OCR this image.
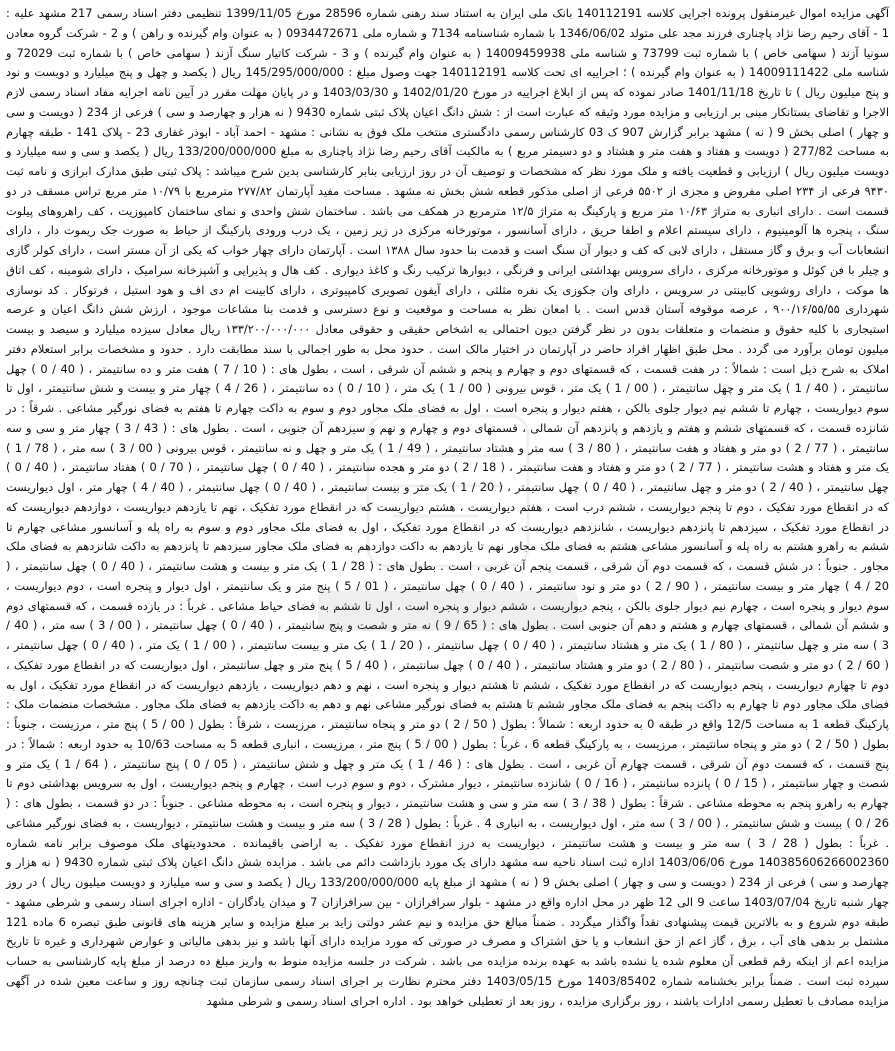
آگهی مزایده اموال غیرمنقول پرونده اجرایی کلاسه 140112191 بانک ملی ایران به استناد سند رهنی شماره 28596 مورخ 1399/11/05 تنظیمی دفتر اسناد رسمی 217 مشهد علیه : 1 - آقای رحیم رضا نژاد پاچناری فرزند مجد علی متولد 1346/06/02 با شماره شناسنامه 7134 و شماره ملی 0934472671 ( به عنوان وام گیرنده و راهن ) و 2 - شرکت گروه معادن سونیا آزند ( سهامی خاص ) با شماره ثبت 73799 و شناسه ملی 14009459938 ( به عنوان وام گیرنده ) و 3 - شرکت کاتیار سنگ آزند ( سهامی خاص ) با شماره ثبت 72029 و شناسه ملی 14009111422 ( به عنوان وام گیرنده ) ؛ اجراییه ای تحت کلاسه 140112191 جهت وصول مبلغ : 145/295/000/000 ریال ( یکصد و چهل و پنج میلیارد و دویست و نود و پنج میلیون ریال ) تا تاریخ 1401/11/18 صادر نموده که پس از ابلاغ اجراییه در مورخ 1402/01/20 و 1403/03/30 و در پایان مهلت مقرر در آیین نامه اجرایه مفاد اسناد رسمی لازم الاجرا و تقاضای بستانکار مبنی بر ارزیابی و مزایده مورد وثیقه که عبارت است از : شش دانگ اعیان پلاک ثبتی شماره 9430 ( نه هزار و چهارصد و سی ) فرعی از 234 ( دویست و سی و چهار ) اصلی بخش 9 ( نه ) مشهد برابر گزارش 907 ک 03 کارشناس رسمی دادگستری منتخب ملک فوق به نشانی : مشهد - احمد آباد - ابوذر غفاری 23 - پلاک 141 - طبقه چهارم به مساحت 277/82 ( دویست و هفتاد و هفت متر و هشتاد و دو دسیمتر مربع ) به مالکیت آقای رحیم رضا نژاد پاچناری به مبلغ 133/200/000/000 ریال ( یکصد و سی و سه میلیارد و دویست میلیون ریال ) ارزیابی و قطعیت یافته و ملک مورد نظر که مشخصات و توصیف آن در روز ارزیابی بنابر کارشناسی بدین شرح میباشد : پلاک ثبتی طبق مدارک ابرازی و نامه ثبت ۹۴۳۰ فرعی از ۲۳۴ اصلی مفروض و مجزی از ۵۵۰۲ فرعی از اصلی مذکور قطعه شش بخش نه مشهد . مساحت مفید آپارتمان ۲۷۷/۸۲ مترمربع با ۱۰/۷۹ متر مربع تراس مسقف در دو قسمت است . دارای انباری به متراژ ۱۰/۶۳ متر مربع و پارکینگ به متراژ ۱۲/۵ مترمربع در همکف می باشد . ساختمان شش واحدی و نمای ساختمان کامپوزیت ، کف راهروهای پیلوت سنگ ، پنجره ها آلومینیوم ، دارای سیستم اعلام و اطفا حریق ، دارای آسانسور ، موتورخانه مرکزی در زیر زمین ، یک درب ورودی پارکینگ از حیاط به صورت جک ریموت دار ، دارای انشعابات آب و برق و گاز مستقل ، دارای لابی که کف و دیوار آن سنگ است و قدمت بنا حدود سال ۱۳۸۸ است . آپارتمان دارای چهار خواب که یکی از آن مستر است ، دارای کولر گازی و چیلر با فن کوئل و موتورخانه مرکزی ، دارای سرویس بهداشتی ایرانی و فرنگی ، دیوارها ترکیب رنگ و کاغذ دیواری . کف هال و پذیرایی و آشپزخانه سرامیک ، دارای شومینه ، کف اتاق ها موکت ، دارای روشویی کابینتی در سرویس ، دارای وان جکوزی یک نفره مثلثی ، دارای آیفون تصویری کامپیوتری ، دارای کابینت ام دی اف و هود استیل ، فرتوکار . کد نوسازی شهرداری ۹۰۰/۱۶/۵۵/۵۵ ، عرصه موقوفه آستان قدس است . با امعان نظر به مساحت و موقعیت و نوع دسترسی و قدمت بنا مشاعات موجود ، ارزش شش دانگ اعیان و عرصه استیجاری با کلیه حقوق و منضمات و متعلقات بدون در نظر گرفتن دیون احتمالی به اشخاص حقیقی و حقوقی معادل ۱۳۳/۲۰۰/۰۰۰/۰۰۰ ریال معادل سیزده میلیارد و سیصد و بیست میلیون تومان برآورد می گردد . محل طبق اظهار افراد حاضر در آپارتمان در اختیار مالک است . حدود محل به طور اجمالی با سند مطابقت دارد . حدود و مشخصات برابر استعلام دفتر املاک به شرح ذیل است : شمالاً : در هفت قسمت ، که قسمتهای دوم و چهارم و پنجم و ششم آن شرقی ، است ، بطول های : ( 10 / 7 ) هفت متر و ده سانتیمتر ، ( 40 / 0 ) چهل سانتیمتر ، ( 40 / 1 ) یک متر و چهل سانتیمتر ، ( 00 / 1 ) یک متر ، قوس بیرونی ( 00 / 1 ) یک متر ، ( 10 / 0 ) ده سانتیمتر ، ( 26 / 4 ) چهار متر و بیست و شش سانتیمتر ، اول تا سوم دیواریست ، چهارم تا ششم نیم دیوار جلوی بالکن ، هفتم دیوار و پنجره است ، اول به فضای ملک مجاور دوم و سوم به داکت چهارم تا هفتم به فضای نورگیر مشاعی . شرقاً : در شانزده قسمت ، که قسمتهای ششم و هفتم و یازدهم و پانزدهم آن شمالی ، قسمتهای دوم و چهارم و نهم و سیزدهم آن جنوبی ، است . بطول های : ( 43 / 3 ) چهار متر و سی و سه سانتیمتر ، ( 77 / 2 ) دو متر و هفتاد و هفت سانتیمتر ، ( 80 / 3 ) سه متر و هشتاد سانتیمتر ، ( 49 / 1 ) یک متر و چهل و نه سانتیمتر ، قوس بیرونی ( 00 / 3 ) سه متر ، ( 78 / 1 ) یک متر و هفتاد و هشت سانتیمتر ، ( 77 / 2 ) دو متر و هفتاد و هفت سانتیمتر ، ( 18 / 2 ) دو متر و هجده سانتیمتر ، ( 40 / 0 ) چهل سانتیمتر ، ( 70 / 0 ) هفتاد سانتیمتر ، ( 40 / 0 ) چهل سانتیمتر ، ( 40 / 2 ) دو متر و چهل سانتیمتر ، ( 40 / 0 ) چهل سانتیمتر ، ( 20 / 1 ) یک متر و بیست سانتیمتر ، ( 40 / 0 ) چهل سانتیمتر ، ( 40 / 4 ) چهار متر ، اول دیواریست که در انقطاع مورد تفکیک ، دوم تا پنجم دیواریست ، ششم درب است ، هفتم دیواریست ، هشتم دیواریست که در انقطاع مورد تفکیک ، نهم تا یازدهم دیواریست ، دوازدهم دیواریست که در انقطاع مورد تفکیک ، سیزدهم تا پانزدهم دیواریست ، شانزدهم دیواریست که در انقطاع مورد تفکیک ، اول به فضای ملک مجاور دوم و سوم به راه پله و آسانسور مشاعی چهارم تا ششم به راهرو هشتم به راه پله و آسانسور مشاعی هشتم به فضای ملک مجاور نهم تا یازدهم به داکت دوازدهم به فضای ملک مجاور سیزدهم تا پانزدهم به داکت شانزدهم به فضای ملک مجاور . جنوباً : در شش قسمت ، که قسمت دوم آن شرقی ، قسمت پنجم آن غربی ، است . بطول های : ( 28 / 1 ) یک متر و بیست و هشت سانتیمتر ، ( 40 / 0 ) چهل سانتیمتر ، ( 20 / 4 ) چهار متر و بیست سانتیمتر ، ( 90 / 2 ) دو متر و نود سانتیمتر ، ( 40 / 0 ) چهل سانتیمتر ، ( 01 / 5 ) پنج متر و یک سانتیمتر ، اول دیوار و پنجره است ، دوم دیواریست ، سوم دیوار و پنجره است ، چهارم نیم دیوار جلوی بالکن ، پنجم دیواریست ، ششم دیوار و پنجره است ، اول تا ششم به فضای حیاط مشاعی . غرباً : در یازده قسمت ، که قسمتهای دوم و ششم آن شمالی ، قسمتهای چهارم و هشتم و دهم آن جنوبی است . بطول های : ( 65 / 9 ) نه متر و شصت و پنج سانتیمتر ، ( 40 / 0 ) چهل سانتیمتر ، ( 00 / 3 ) سه متر ، ( 40 / 3 ) سه متر و چهل سانتیمتر ، ( 80 / 1 ) یک متر و هشتاد سانتیمتر ، ( 40 / 0 ) چهل سانتیمتر ، ( 20 / 1 ) یک متر و بیست سانتیمتر ، ( 00 / 1 ) یک متر ، ( 40 / 0 ) چهل سانتیمتر ، ( 60 / 2 ) دو متر و شصت سانتیمتر ، ( 80 / 2 ) دو متر و هشتاد سانتیمتر ، ( 40 / 0 ) چهل سانتیمتر ، ( 40 / 5 ) پنج متر و چهل سانتیمتر ، اول دیواریست که در انقطاع مورد تفکیک ، دوم تا چهارم دیواریست ، پنجم دیواریست که در انقطاع مورد تفکیک ، ششم تا هشتم دیوار و پنجره است ، نهم و دهم دیواریست ، یازدهم دیواریست که در انقطاع مورد تفکیک ، اول به فضای ملک مجاور دوم تا چهارم به داکت پنجم به فضای ملک مجاور ششم تا هشتم به فضای نورگیر مشاعی نهم و دهم به داکت یازدهم به فضای ملک مجاور . مشخصات منضمات ملک : پارکینگ قطعه 1 به مساحت 12/5 واقع در طبقه 0 به حدود اربعه : شمالاً : بطول ( 50 / 2 ) دو متر و پنجاه سانتیمتر ، مرزیست ، شرقاً : بطول ( 00 / 5 ) پنج متر ، مرزیست ، جنوباً : بطول ( 50 / 2 ) دو متر و پنجاه سانتیمتر ، مرزیست ، به پارکینگ قطعه 6 ، غرباً : بطول ( 00 / 5 ) پنج متر ، مرزیست ، انباری قطعه 5 به مساحت 10/63 به حدود اربعه : شمالاً : در پنج قسمت ، که قسمت دوم آن شرقی ، قسمت چهارم آن غربی ، است . بطول های : ( 46 / 1 ) یک متر و چهل و شش سانتیمتر ، ( 05 / 0 ) پنج سانتیمتر ، ( 64 / 1 ) یک متر و شصت و چهار سانتیمتر ، ( 15 / 0 ) پانزده سانتیمتر ، ( 16 / 0 ) شانزده سانتیمتر ، دیوار مشترک ، دوم و سوم درب است ، چهارم و پنجم دیواریست ، اول به سرویس بهداشتی دوم تا چهارم به راهرو پنجم به محوطه مشاعی . شرقاً : بطول ( 38 / 3 ) سه متر و سی و هشت سانتیمتر ، دیوار و پنجره است ، به محوطه مشاعی . جنوباً : در دو قسمت ، بطول های : ( 26 / 0 ) بیست و شش سانتیمتر ، ( 00 / 3 ) سه متر ، اول دیواریست ، به انباری 4 . غرباً : بطول ( 28 / 3 ) سه متر و بیست و هشت سانتیمتر ، دیواریست ، به فضای نورگیر مشاعی . غرباً : بطول ( 28 / 3 ) سه متر و بیست و هشت سانتیمتر ، دیواریست به درز انقطاع مورد تفکیک . به اراضی باقیمانده . محدودیتهای ملک موصوف برابر نامه شماره 140385606266002360 مورخ 1403/06/06 اداره ثبت اسناد ناحیه سه مشهد دارای یک مورد بازداشت دائم می باشد . مزایده شش دانگ اعیان پلاک ثبتی شماره 9430 ( نه هزار و چهارصد و سی ) فرعی از 234 ( دویست و سی و چهار ) اصلی بخش 9 ( نه ) مشهد از مبلغ پایه 133/200/000/000 ریال ( یکصد و سی و سه میلیارد و دویست میلیون ریال ) در روز چهار شنبه تاریخ 1403/07/04 ساعت 9 الی 12 ظهر در محل اداره واقع در مشهد - بلوار سرافرازان - بین سرافرازان 7 و میدان یادگاران - اداره اجرای اسناد رسمی و شرطی مشهد - طبقه دوم شروع و به بالاترین قیمت پیشنهادی نقداً واگذار میگردد . ضمناً مبالغ حق مزایده و نیم عشر دولتی زاید بر مبلغ مزایده و سایر هزینه های قانونی طبق تبصره 6 ماده 121 مشتمل بر بدهی های آب ، برق ، گاز اعم از حق انشعاب و یا حق اشتراک و مصرف در صورتی که مورد مزایده دارای آنها باشد و نیز بدهی مالیاتی و عوارض شهرداری و غیره تا تاریخ مزایده اعم از اینکه رقم قطعی آن معلوم شده یا نشده باشد به عهده برنده مزایده می باشد . شرکت در جلسه مزایده منوط به واریز مبلغ ده درصد از مبلغ پایه کارشناسی به حساب سپرده ثبت است . ضمناً برابر بخشنامه شماره 1403/85402 مورخ 1403/05/15 دفتر محترم نظارت بر اجرای اسناد رسمی سازمان ثبت چنانچه روز و ساعت معین شده در آگهی مزایده مصادف با تعطیل رسمی ادارات باشند ، روز برگزاری مزایده ، روز بعد از تعطیلی خواهد بود . اداره اجرای اسناد رسمی و شرطی مشهد
